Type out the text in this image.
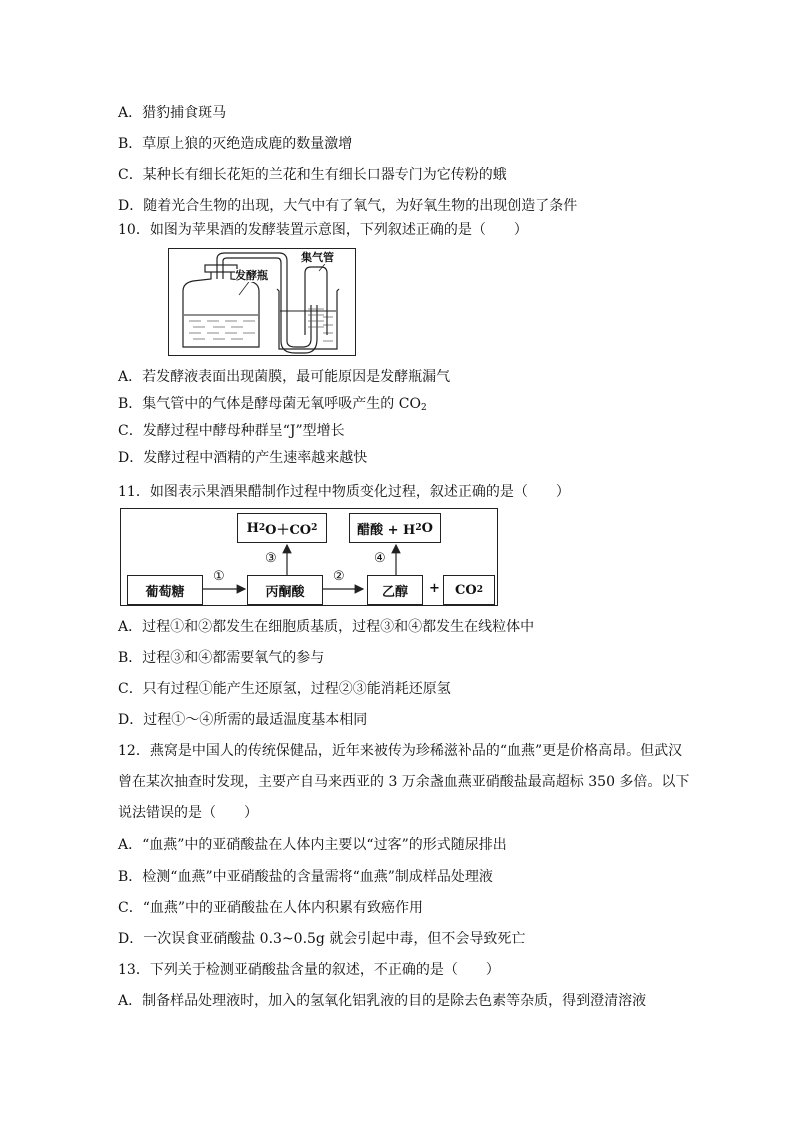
A．猎豹捕食斑马
B．草原上狼的灭绝造成鹿的数量激增
C．某种长有细长花矩的兰花和生有细长口器专门为它传粉的蛾
D．随着光合生物的出现，大气中有了氧气，为好氧生物的出现创造了条件
10．如图为苹果酒的发酵装置示意图，下列叙述正确的是（　　）
发酵瓶
集气管
A．若发酵液表面出现菌膜，最可能原因是发酵瓶漏气
B．集气管中的气体是酵母菌无氧呼吸产生的 $CO_2$
C．发酵过程中酵母种群呈“J”型增长
D．发酵过程中酒精的产生速率越来越快
11．如图表示果酒果醋制作过程中物质变化过程，叙述正确的是（　　）
H 2 O＋CO 2	醋酸 + H 2 O
葡萄糖	丙酮酸	乙醇	+ CO 2
①	②
③	④
A．过程①和②都发生在细胞质基质，过程③和④都发生在线粒体中
B．过程③和④都需要氧气的参与
C．只有过程①能产生还原氢，过程②③能消耗还原氢
D．过程①～④所需的最适温度基本相同
12．燕窝是中国人的传统保健品，近年来被传为珍稀滋补品的“血燕”更是价格高昂。但武汉
曾在某次抽查时发现，主要产自马来西亚的 3 万余盏血燕亚硝酸盐最高超标 350 多倍。以下
说法错误的是（　　）
A．“血燕”中的亚硝酸盐在人体内主要以“过客”的形式随尿排出
B．检测“血燕”中亚硝酸盐的含量需将“血燕”制成样品处理液
C．“血燕”中的亚硝酸盐在人体内积累有致癌作用
D．一次误食亚硝酸盐 0.3~0.5g 就会引起中毒，但不会导致死亡
13．下列关于检测亚硝酸盐含量的叙述，不正确的是（　　）
A．制备样品处理液时，加入的氢氧化铝乳液的目的是除去色素等杂质，得到澄清溶液
